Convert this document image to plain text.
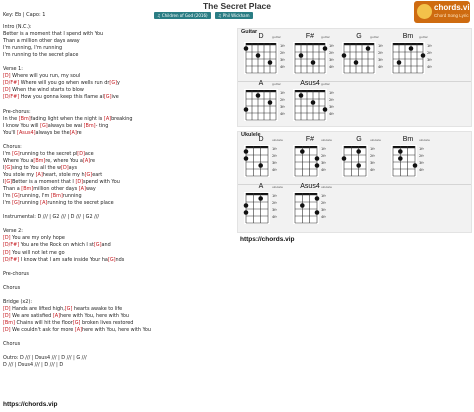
The Secret Place	chords.vip
Chord Song Lyric
Key: Eb | Capo: 1	♫ Children of God (2016)	♫ Phil Wickham
Intro (N.C.):
Better is a moment that I spend with You
Than a million other days away
I'm running, I'm running
I'm running to the secret place
Verse 1:
[D] Where will you run, my soul
[D/F#] Where will you go when wells run dr[G]y
[D] When the wind starts to blow
[D/F#] How you gonna keep this flame al[G]ive
Pre-chorus:
In the [Bm]fading light when the night is [A]breaking
I know You will [G]always be wai [Bm]- ting
You'll [Asus4]always be the[A]re
Chorus:
I'm [G]running to the secret pl[D]ace
Where You a[Bm]re, where You a[A]re
I[G]sing to You all the w[D]ays
You stole my [A]heart, stole my h[G]eart
I[G]Better is a moment that I [D]spend with You
Than a [Bm]million other days [A]way
I'm [G]running, I'm [Bm]running
I'm [G]running [A]running to the secret place
Instrumental: D /// | G2 /// | D /// | G2 ///
Verse 2:
[D] You are my only hope
[D/F#] You are the Rock on which I st[G]and
[D] You will not let me go
[D/F#] I know that I am safe inside Your ha[G]nds
Pre-chorus
Chorus
Bridge (x2):
[D] Hands are lifted high,[G] hearts awake to life
[D] We are satisfied [A]here with You, here with You
[Bm] Chains will hit the floor[G] broken lives restored
[D] We couldn't ask for more [A]here with You, here with You
Chorus
Outro: D /// | Dsus4 /// | D /// | G ///
D /// | Dsus4 /// | D /// | D
https://chords.vip
Guitar
D	guitar
1fr
2fr
3fr
4fr
F#	guitar
1fr
2fr
3fr
4fr
G	guitar
1fr
2fr
3fr
4fr
Bm	guitar
1fr
2fr
3fr
4fr
A	guitar
1fr
2fr
3fr
4fr
Asus4 guitar
1fr
2fr
3fr
4fr
Ukulele
D	ukulele
1fr
2fr
3fr
4fr
F#	ukulele
1fr
2fr
3fr
4fr
G	ukulele
1fr
2fr
3fr
4fr
Bm	ukulele
1fr
2fr
3fr
4fr
A	ukulele
1fr
2fr
3fr
4fr
Asus4 ukulele
1fr
2fr
3fr
4fr
https://chords.vip
